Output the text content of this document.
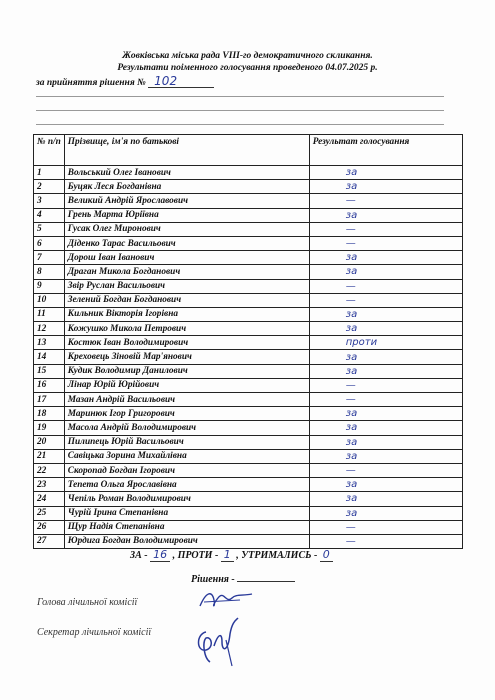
Жовківська міська рада VIII-го демократичного скликання.
Результати поіменного голосування проведеного 04.07.2025 р.
за прийняття рішення № 102
№ п/п	Прізвище, ім'я по батькові	Результат голосування
1	Вольський Олег Іванович	за
2	Буцяк Леся Богданівна	за
3	Великий Андрій Ярославович	—
4	Грень Марта Юріївна	за
5	Гусак Олег Миронович	—
6	Діденко Тарас Васильович	—
7	Дорош Іван Іванович	за
8	Драган Микола Богданович	за
9	Звір Руслан Васильович	—
10	Зелений Богдан Богданович	—
11	Кильник Вікторія Ігорівна	за
12	Кожушко Микола Петрович	за
13	Костюк Іван Володимирович	проти
14	Креховець Зіновій Мар'янович	за
15	Кудик Володимир Данилович	за
16	Лінар Юрій Юрійович	—
17	Мазан Андрій Васильович	—
18	Маринюк Ігор Григорович	за
19	Масола Андрій Володимирович	за
20	Пилипець Юрій Васильович	за
21	Савіцька Зорина Михайлівна	за
22	Скоропад Богдан Ігорович	—
23	Тепета Ольга Ярославівна	за
24	Чепіль Роман Володимирович	за
25	Чурій Ірина Степанівна	за
26	Щур Надія Степанівна	—
27	Юрдига Богдан Володимирович	—
ЗА - 16 , ПРОТИ - 1 , УТРИМАЛИСЬ - 0
Рішення -
Голова лічильної комісії
Секретар лічильної комісії
